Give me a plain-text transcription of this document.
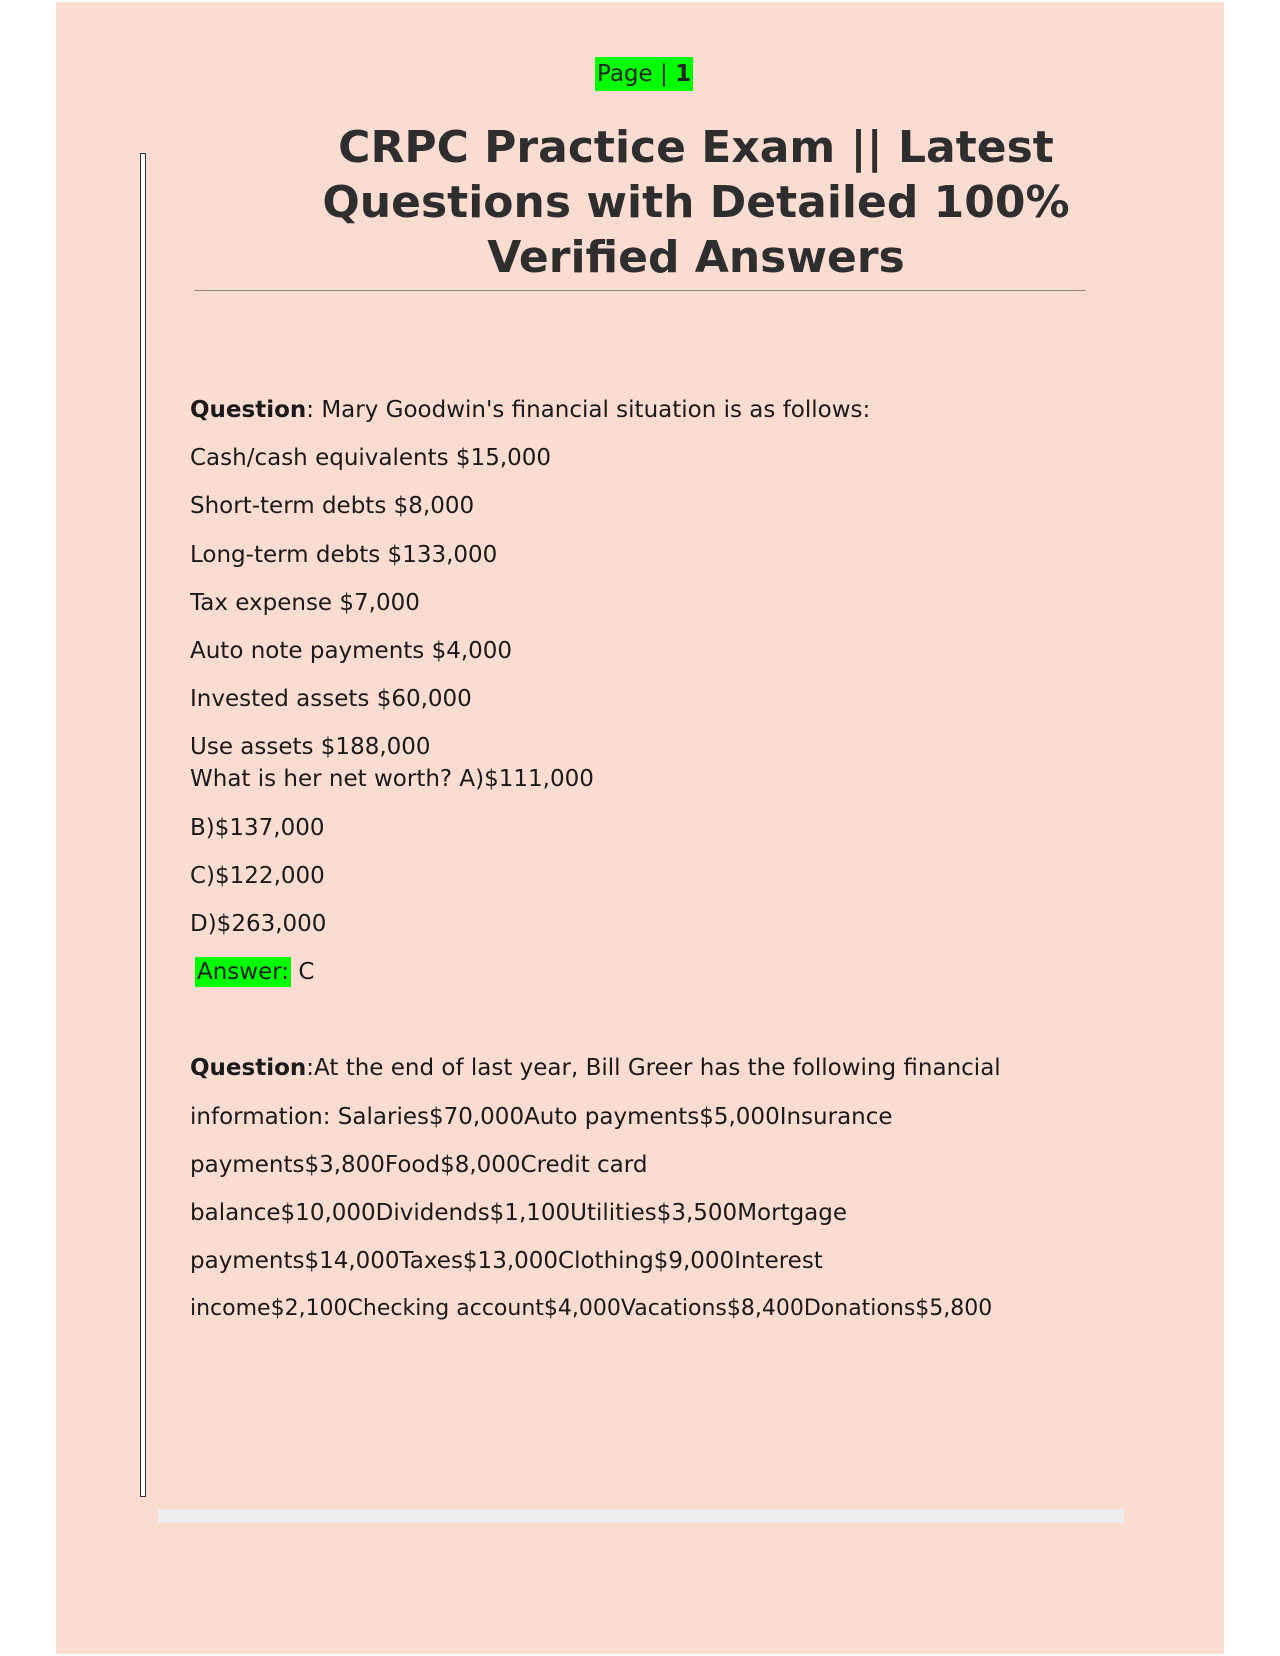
Page | 1
CRPC Practice Exam || Latest Questions with Detailed 100% Verified Answers

Question: Mary Goodwin's financial situation is as follows:

Cash/cash equivalents $15,000

Short-term debts $8,000

Long-term debts $133,000

Tax expense $7,000

Auto note payments $4,000

Invested assets $60,000

Use assets $188,000

What is her net worth? A)$111,000

B)$137,000

C)$122,000

D)$263,000

Answer: C

Question:At the end of last year, Bill Greer has the following financial

information: Salaries$70,000Auto payments$5,000Insurance

payments$3,800Food$8,000Credit card

balance$10,000Dividends$1,100Utilities$3,500Mortgage

payments$14,000Taxes$13,000Clothing$9,000Interest

income$2,100Checking account$4,000Vacations$8,400Donations$5,800
